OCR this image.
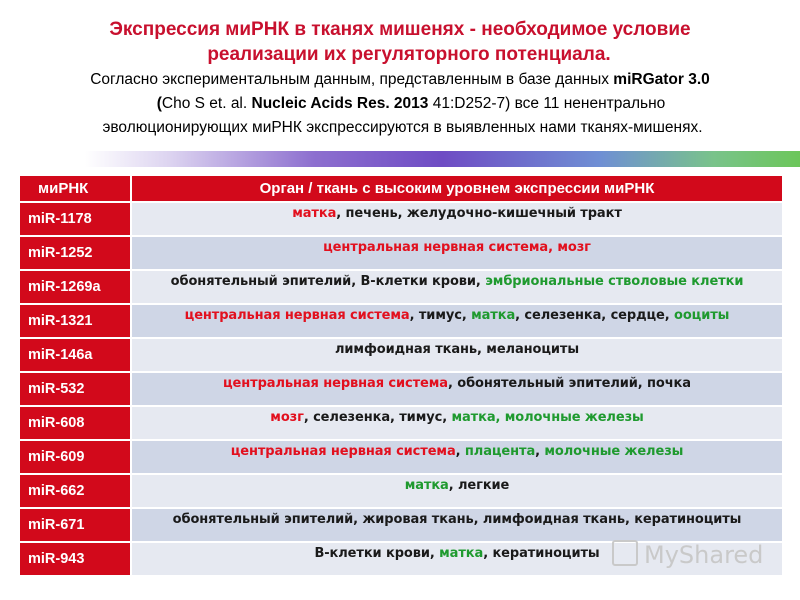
Экспрессия миРНК в тканях мишенях - необходимое условие
реализации их регуляторного потенциала.
Согласно экспериментальным данным, представленным в базе данных miRGator 3.0
(Cho S et. al. Nucleic Acids Res. 2013 41:D252-7) все 11 ненентрально
эволюционирующих миРНК экспрессируются в выявленных нами тканях-мишенях.
миРНК	Орган / ткань с высоким уровнем экспрессии миРНК
miR-1178	матка, печень, желудочно-кишечный тракт
miR-1252	центральная нервная система, мозг
miR-1269a	обонятельный эпителий, В-клетки крови, эмбриональные стволовые клетки
miR-1321	центральная нервная система, тимус, матка, селезенка, сердце, ооциты
miR-146a	лимфоидная ткань, меланоциты
miR-532	центральная нервная система, обонятельный эпителий, почка
miR-608	мозг, селезенка, тимус, матка, молочные железы
miR-609	центральная нервная система, плацента, молочные железы
miR-662	матка, легкие
miR-671	обонятельный эпителий, жировая ткань, лимфоидная ткань, кератиноциты
miR-943	В-клетки крови, матка, кератиноциты	MyShared
